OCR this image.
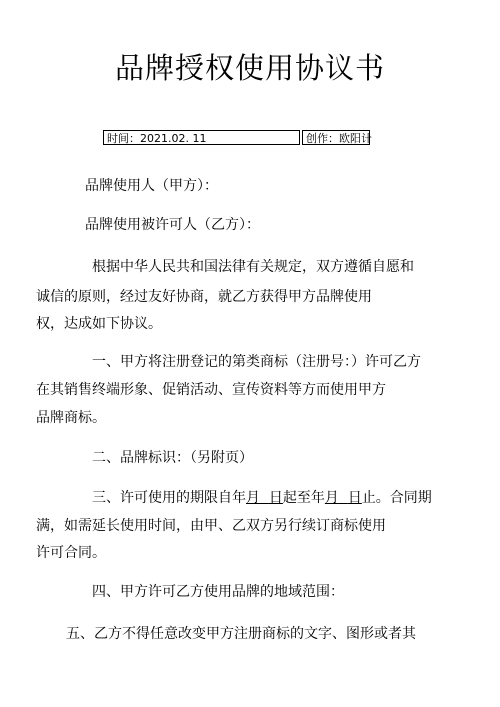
品牌授权使用协议书
时间：2021.02. 11	创作：欧阳计
品牌使用人（甲方）：
品牌使用被许可人（乙方）：
根据中华人民共和国法律有关规定，双方遵循自愿和
诚信的原则，经过友好协商，就乙方获得甲方品牌使用
权，达成如下协议。
一、甲方将注册登记的第类商标（注册号：）许可乙方
在其销售终端形象、促销活动、宣传资料等方而使用甲方
品牌商标。
二、品牌标识：（另附页）
三、许可使用的期限自年月 日起至年月 日止。合同期
满，如需延长使用时间，由甲、乙双方另行续订商标使用
许可合同。
四、甲方许可乙方使用品牌的地域范围：
五、乙方不得任意改变甲方注册商标的文字、图形或者其
